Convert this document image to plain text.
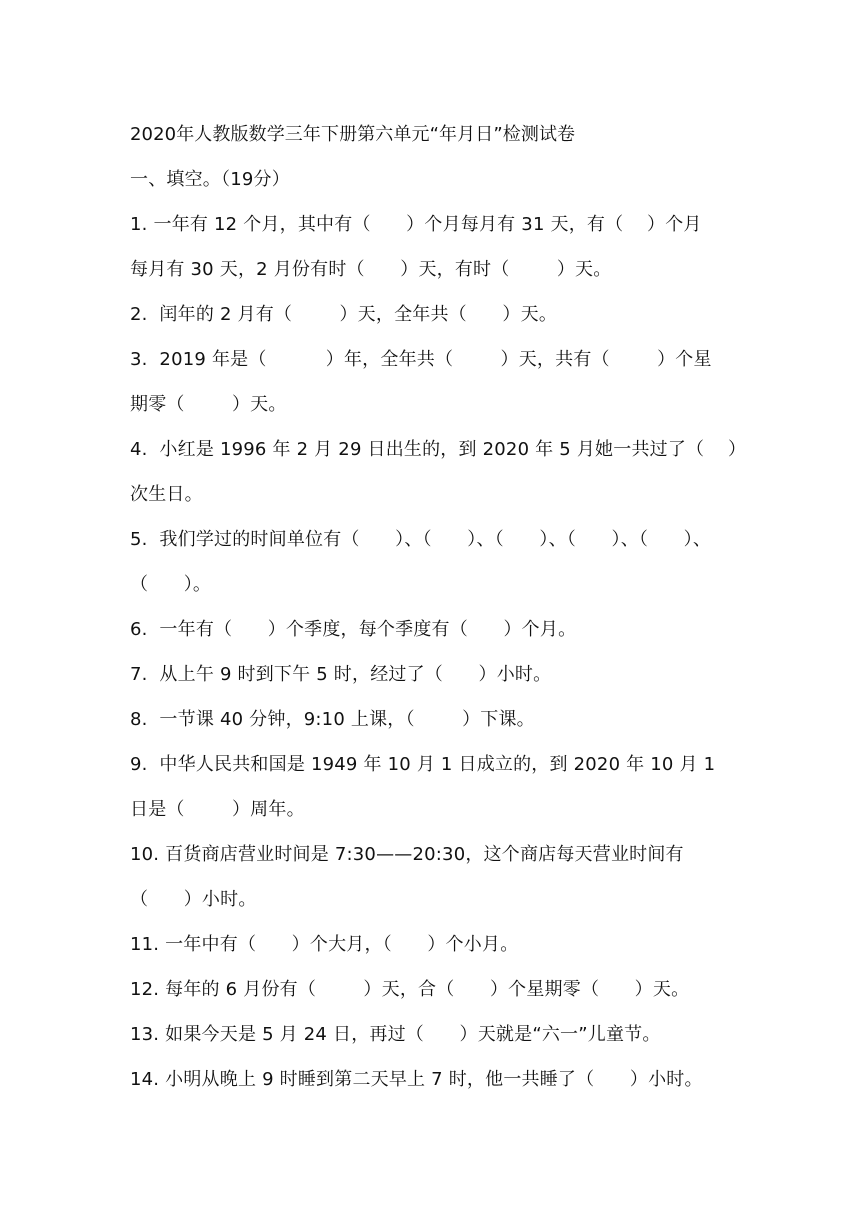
2020年人教版数学三年下册第六单元“年月日”检测试卷
一、填空。（19分）
1. 一年有 12 个月，其中有（      ）个月每月有 31 天，有（    ）个月
每月有 30 天，2 月份有时（      ）天，有时（        ）天。
2.  闰年的 2 月有（        ）天，全年共（      ）天。
3.  2019 年是（          ）年，全年共（        ）天，共有（        ）个星
期零（        ）天。
4.  小红是 1996 年 2 月 29 日出生的，到 2020 年 5 月她一共过了（    ）
次生日。
5.  我们学过的时间单位有（      ）、（      ）、（      ）、（      ）、（      ）、
（      ）。
6.  一年有（      ）个季度，每个季度有（      ）个月。
7.  从上午 9 时到下午 5 时，经过了（      ）小时。
8.  一节课 40 分钟，9:10 上课，（        ）下课。
9.  中华人民共和国是 1949 年 10 月 1 日成立的，到 2020 年 10 月 1
日是（        ）周年。
10. 百货商店营业时间是 7:30——20:30，这个商店每天营业时间有
（      ）小时。
11. 一年中有（      ）个大月，（      ）个小月。
12. 每年的 6 月份有（        ）天，合（      ）个星期零（      ）天。
13. 如果今天是 5 月 24 日，再过（      ）天就是“六一”儿童节。
14. 小明从晚上 9 时睡到第二天早上 7 时，他一共睡了（      ）小时。
